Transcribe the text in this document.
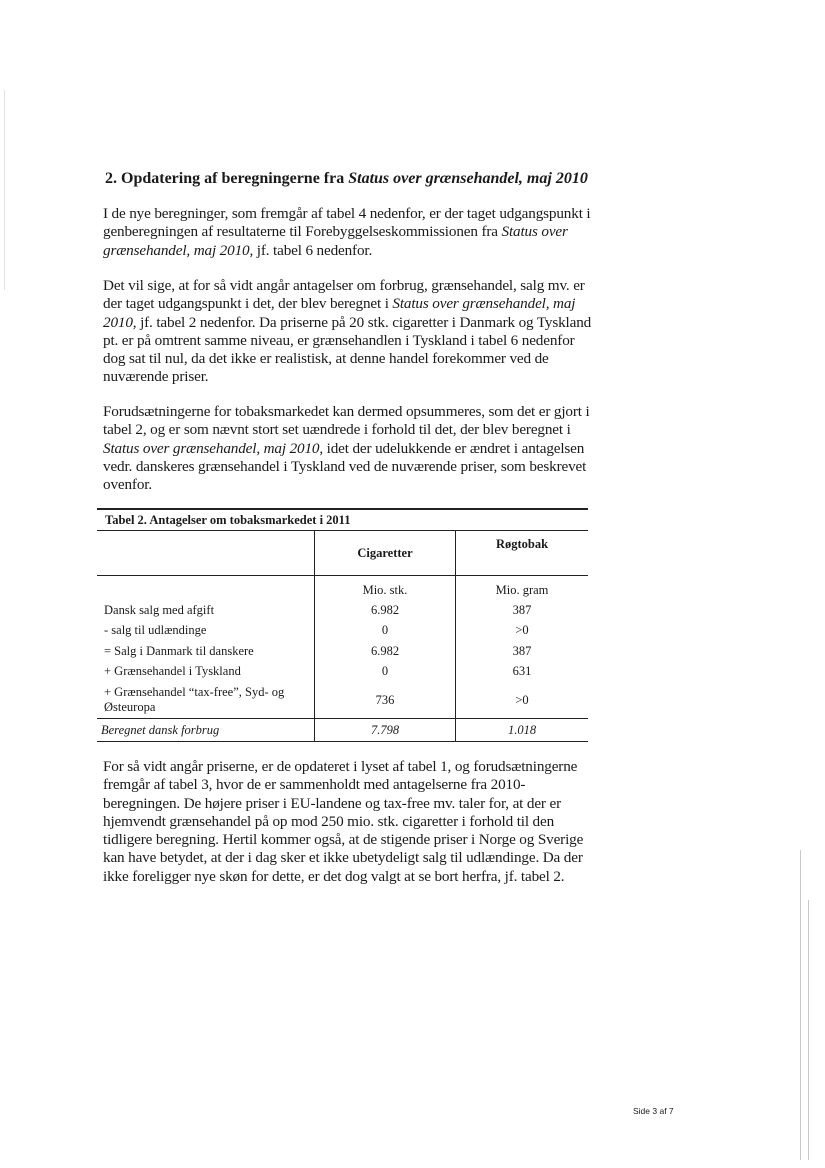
2. Opdatering af beregningerne fra Status over grænsehandel, maj 2010

I de nye beregninger, som fremgår af tabel 4 nedenfor, er der taget udgangspunkt i genberegningen af resultaterne til Forebyggelseskommissionen fra Status over grænsehandel, maj 2010, jf. tabel 6 nedenfor.

Det vil sige, at for så vidt angår antagelser om forbrug, grænsehandel, salg mv. er der taget udgangspunkt i det, der blev beregnet i Status over grænsehandel, maj 2010, jf. tabel 2 nedenfor. Da priserne på 20 stk. cigaretter i Danmark og Tyskland pt. er på omtrent samme niveau, er grænsehandlen i Tyskland i tabel 6 nedenfor dog sat til nul, da det ikke er realistisk, at denne handel forekommer ved de nuværende priser.

Forudsætningerne for tobaksmarkedet kan dermed opsummeres, som det er gjort i tabel 2, og er som nævnt stort set uændrede i forhold til det, der blev beregnet i Status over grænsehandel, maj 2010, idet der udelukkende er ændret i antagelsen vedr. danskeres grænsehandel i Tyskland ved de nuværende priser, som beskrevet ovenfor.

Tabel 2. Antagelser om tobaksmarkedet i 2011
	Cigaretter	Røgtobak
	Mio. stk.	Mio. gram
Dansk salg med afgift	6.982	387
- salg til udlændinge	0	>0
= Salg i Danmark til danskere	6.982	387
+ Grænsehandel i Tyskland	0	631
+ Grænsehandel “tax-free”, Syd- og Østeuropa	736	>0
Beregnet dansk forbrug	7.798	1.018

For så vidt angår priserne, er de opdateret i lyset af tabel 1, og forudsætningerne fremgår af tabel 3, hvor de er sammenholdt med antagelserne fra 2010-beregningen. De højere priser i EU-landene og tax-free mv. taler for, at der er hjemvendt grænsehandel på op mod 250 mio. stk. cigaretter i forhold til den tidligere beregning. Hertil kommer også, at de stigende priser i Norge og Sverige kan have betydet, at der i dag sker et ikke ubetydeligt salg til udlændinge. Da der ikke foreligger nye skøn for dette, er det dog valgt at se bort herfra, jf. tabel 2.

Side 3 af 7
